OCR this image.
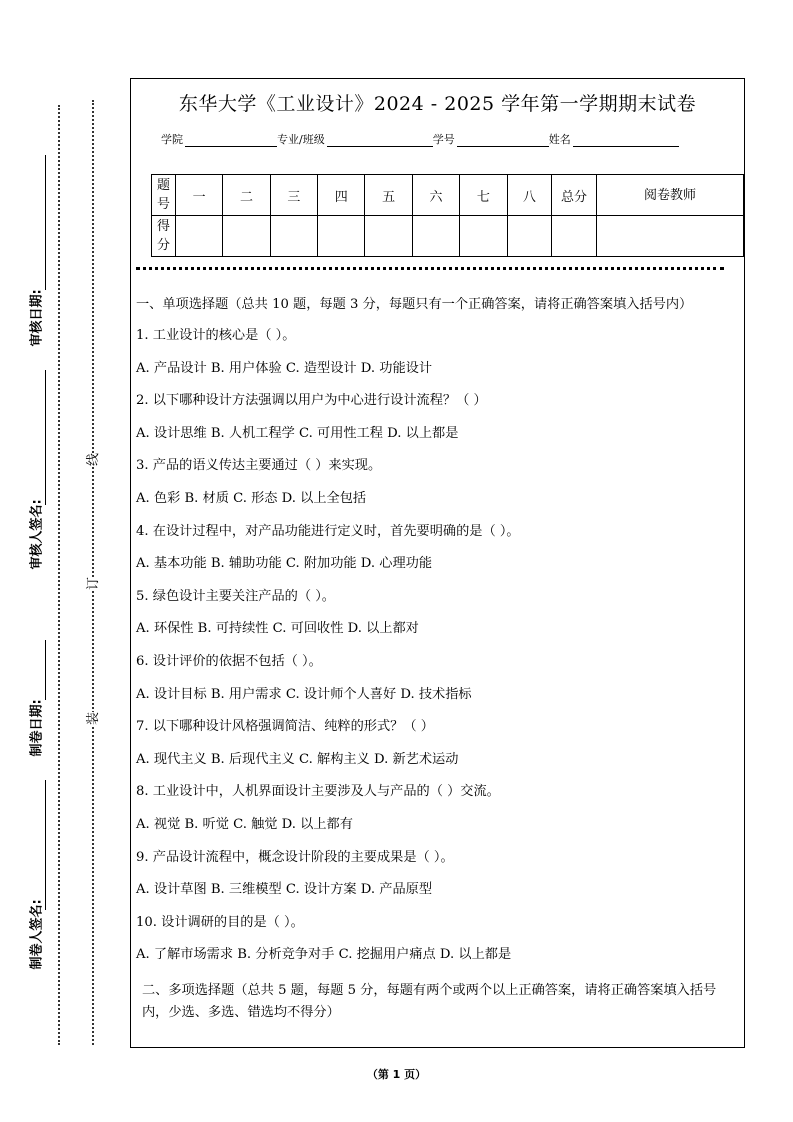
审核日期:
审核人签名:
制卷日期:
制卷人签名:
线
订
装
东华大学《工业设计》2024 - 2025 学年第一学期期末试卷
学院	专业/班级	学号	姓名
题号	一	二	三	四	五	六	七	八	总分	阅卷教师
得分										
一、单项选择题（总共 10 题，每题 3 分，每题只有一个正确答案，请将正确答案填入括号内）
1. 工业设计的核心是（ ）。
A. 产品设计 B. 用户体验 C. 造型设计 D. 功能设计
2. 以下哪种设计方法强调以用户为中心进行设计流程？（ ）
A. 设计思维 B. 人机工程学 C. 可用性工程 D. 以上都是
3. 产品的语义传达主要通过（ ）来实现。
A. 色彩 B. 材质 C. 形态 D. 以上全包括
4. 在设计过程中，对产品功能进行定义时，首先要明确的是（ ）。
A. 基本功能 B. 辅助功能 C. 附加功能 D. 心理功能
5. 绿色设计主要关注产品的（ ）。
A. 环保性 B. 可持续性 C. 可回收性 D. 以上都对
6. 设计评价的依据不包括（ ）。
A. 设计目标 B. 用户需求 C. 设计师个人喜好 D. 技术指标
7. 以下哪种设计风格强调简洁、纯粹的形式？（ ）
A. 现代主义 B. 后现代主义 C. 解构主义 D. 新艺术运动
8. 工业设计中，人机界面设计主要涉及人与产品的（ ）交流。
A. 视觉 B. 听觉 C. 触觉 D. 以上都有
9. 产品设计流程中，概念设计阶段的主要成果是（ ）。
A. 设计草图 B. 三维模型 C. 设计方案 D. 产品原型
10. 设计调研的目的是（ ）。
A. 了解市场需求 B. 分析竞争对手 C. 挖掘用户痛点 D. 以上都是
二、多项选择题（总共 5 题，每题 5 分，每题有两个或两个以上正确答案，请将正确答案填入括号内，少选、多选、错选均不得分）
（第 1 页）
